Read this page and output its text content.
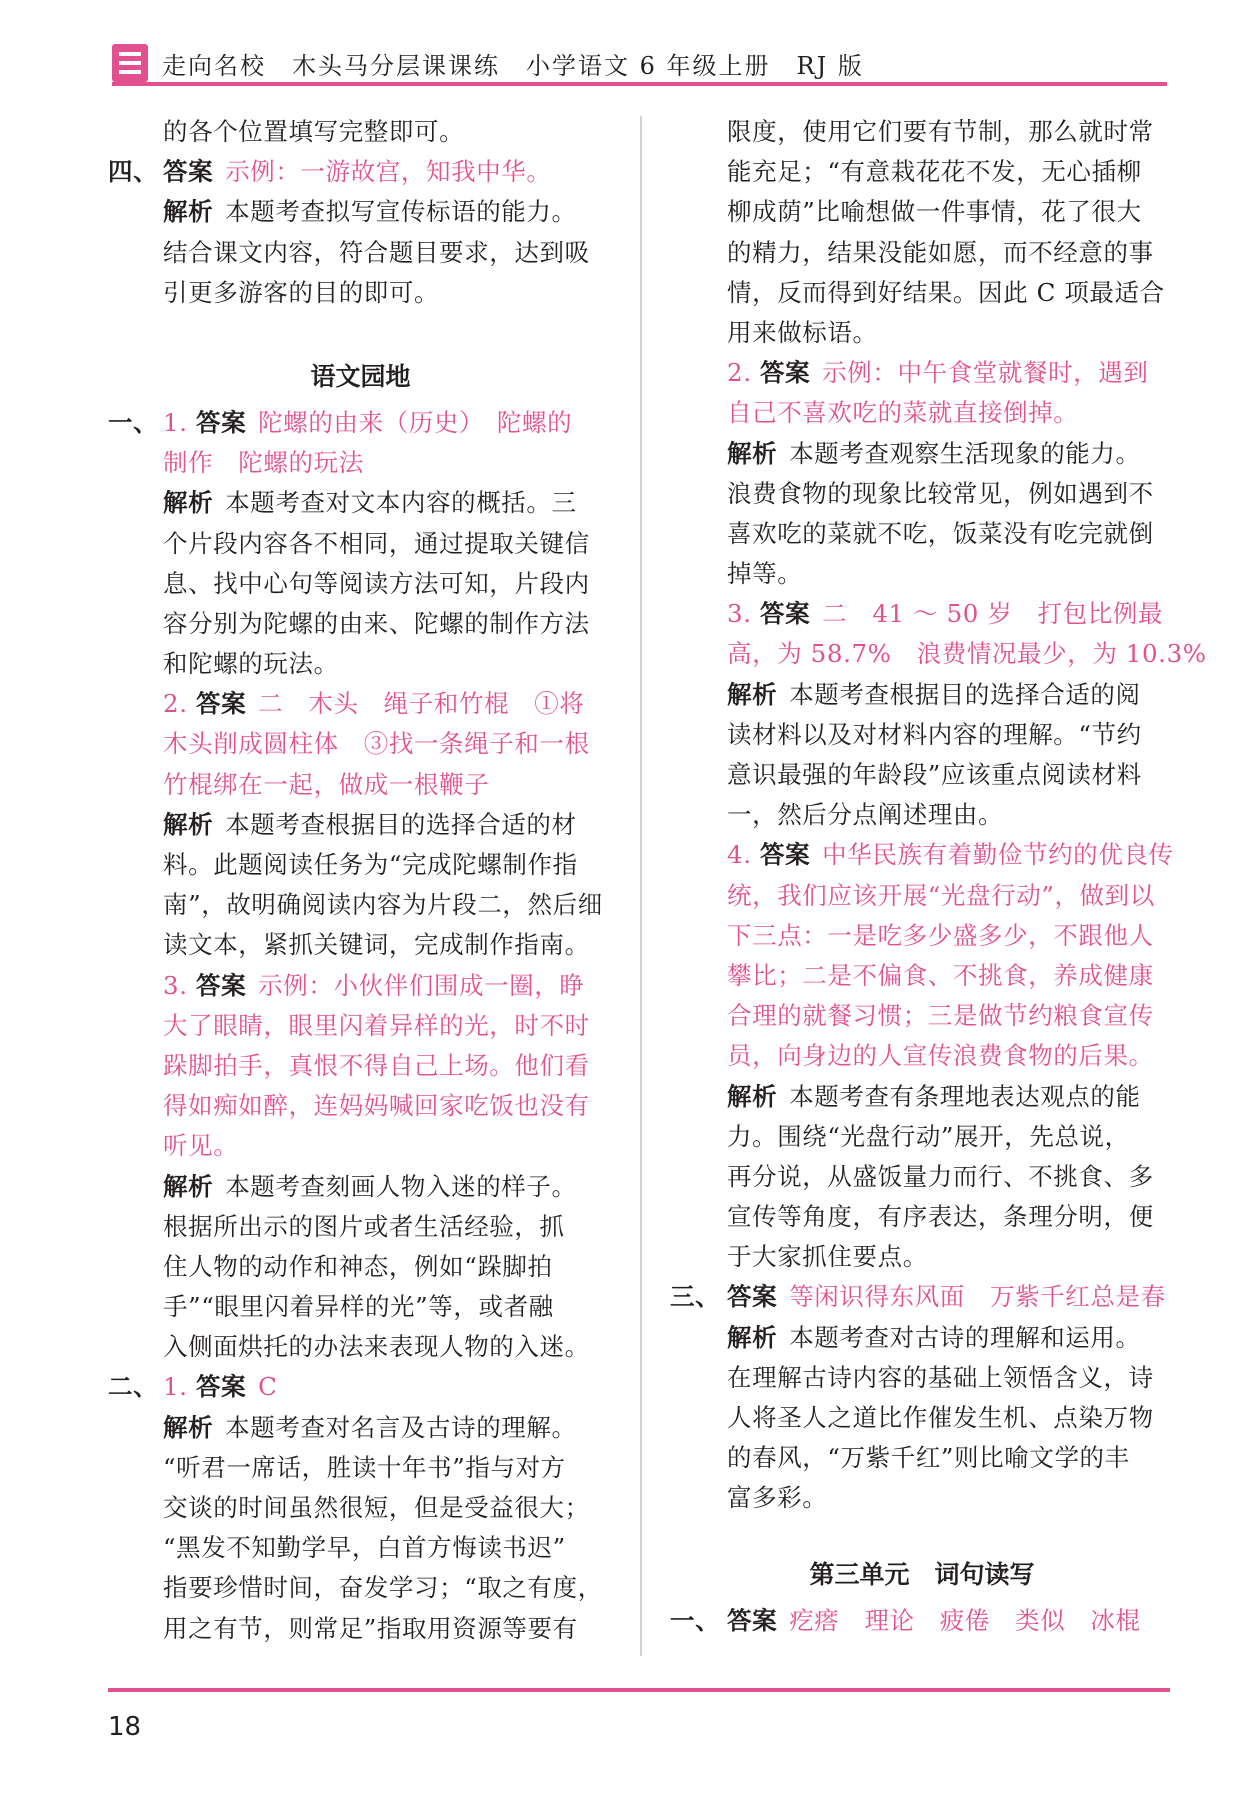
走向名校　木头马分层课课练　小学语文 6 年级上册　RJ 版
的各个位置填写完整即可。
四、 答案 示例：一游故宫，知我中华。
解析 本题考查拟写宣传标语的能力。
结合课文内容，符合题目要求，达到吸
引更多游客的目的即可。
语文园地
一、 1. 答案 陀螺的由来（历史）　陀螺的
制作　陀螺的玩法
解析 本题考查对文本内容的概括。三
个片段内容各不相同，通过提取关键信
息、找中心句等阅读方法可知，片段内
容分别为陀螺的由来、陀螺的制作方法
和陀螺的玩法。
2. 答案 二　木头　绳子和竹棍　①将
木头削成圆柱体　③找一条绳子和一根
竹棍绑在一起，做成一根鞭子
解析 本题考查根据目的选择合适的材
料。此题阅读任务为“完成陀螺制作指
南”，故明确阅读内容为片段二，然后细
读文本，紧抓关键词，完成制作指南。
3. 答案 示例：小伙伴们围成一圈，睁
大了眼睛，眼里闪着异样的光，时不时
跺脚拍手，真恨不得自己上场。他们看
得如痴如醉，连妈妈喊回家吃饭也没有
听见。
解析 本题考查刻画人物入迷的样子。
根据所出示的图片或者生活经验，抓
住人物的动作和神态，例如“跺脚拍
手”“眼里闪着异样的光”等，或者融
入侧面烘托的办法来表现人物的入迷。
二、 1. 答案 C
解析 本题考查对名言及古诗的理解。
“听君一席话，胜读十年书”指与对方
交谈的时间虽然很短，但是受益很大；
“黑发不知勤学早，白首方悔读书迟”
指要珍惜时间，奋发学习；“取之有度，
用之有节，则常足”指取用资源等要有
限度，使用它们要有节制，那么就时常
能充足；“有意栽花花不发，无心插柳
柳成荫”比喻想做一件事情，花了很大
的精力，结果没能如愿，而不经意的事
情，反而得到好结果。因此 C 项最适合
用来做标语。
2. 答案 示例：中午食堂就餐时，遇到
自己不喜欢吃的菜就直接倒掉。
解析 本题考查观察生活现象的能力。
浪费食物的现象比较常见，例如遇到不
喜欢吃的菜就不吃，饭菜没有吃完就倒
掉等。
3. 答案 二　41 ～ 50 岁　打包比例最
高，为 58.7%　浪费情况最少，为 10.3%
解析 本题考查根据目的选择合适的阅
读材料以及对材料内容的理解。“节约
意识最强的年龄段”应该重点阅读材料
一，然后分点阐述理由。
4. 答案 中华民族有着勤俭节约的优良传
统，我们应该开展“光盘行动”，做到以
下三点：一是吃多少盛多少，不跟他人
攀比；二是不偏食、不挑食，养成健康
合理的就餐习惯；三是做节约粮食宣传
员，向身边的人宣传浪费食物的后果。
解析 本题考查有条理地表达观点的能
力。围绕“光盘行动”展开，先总说，
再分说，从盛饭量力而行、不挑食、多
宣传等角度，有序表达，条理分明，便
于大家抓住要点。
三、 答案 等闲识得东风面　万紫千红总是春
解析 本题考查对古诗的理解和运用。
在理解古诗内容的基础上领悟含义，诗
人将圣人之道比作催发生机、点染万物
的春风，“万紫千红”则比喻文学的丰
富多彩。
第三单元　词句读写
一、 答案 疙瘩　理论　疲倦　类似　冰棍
18
